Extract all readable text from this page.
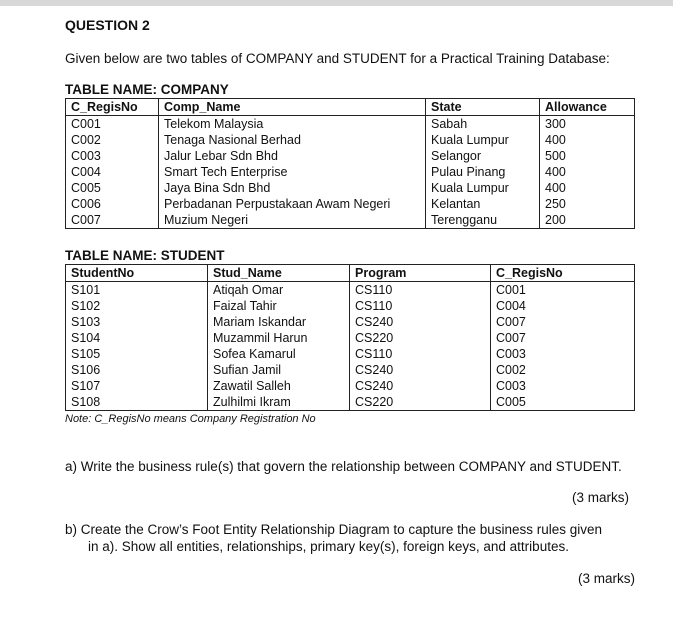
QUESTION 2
Given below are two tables of COMPANY and STUDENT for a Practical Training Database:
TABLE NAME: COMPANY
C_RegisNo	Comp_Name	State	Allowance
C001	Telekom Malaysia	Sabah	300
C002	Tenaga Nasional Berhad	Kuala Lumpur	400
C003	Jalur Lebar Sdn Bhd	Selangor	500
C004	Smart Tech Enterprise	Pulau Pinang	400
C005	Jaya Bina Sdn Bhd	Kuala Lumpur	400
C006	Perbadanan Perpustakaan Awam Negeri	Kelantan	250
C007	Muzium Negeri	Terengganu	200
TABLE NAME: STUDENT
StudentNo	Stud_Name	Program	C_RegisNo
S101	Atiqah Omar	CS110	C001
S102	Faizal Tahir	CS110	C004
S103	Mariam Iskandar	CS240	C007
S104	Muzammil Harun	CS220	C007
S105	Sofea Kamarul	CS110	C003
S106	Sufian Jamil	CS240	C002
S107	Zawatil Salleh	CS240	C003
S108	Zulhilmi Ikram	CS220	C005
Note: C_RegisNo means Company Registration No
a) Write the business rule(s) that govern the relationship between COMPANY and STUDENT.
(3 marks)
b) Create the Crow’s Foot Entity Relationship Diagram to capture the business rules given
in a). Show all entities, relationships, primary key(s), foreign keys, and attributes.
(3 marks)
